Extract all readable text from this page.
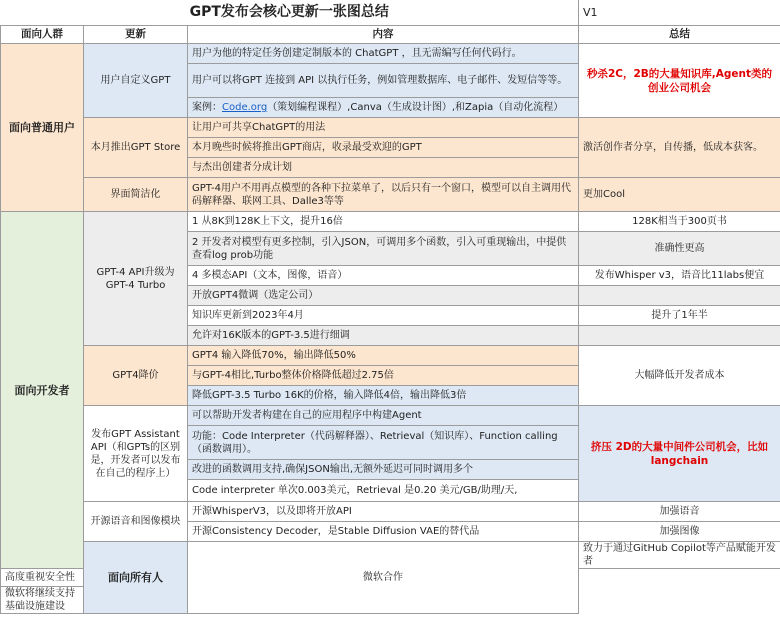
GPT发布会核心更新一张图总结			V1	
面向人群	更新	内容	总结	
面向普通用户	用户自定义GPT	用户为他的特定任务创建定制版本的 ChatGPT ，且无需编写任何代码行。	秒杀2C，2B的大量知识库,Agent类的创业公司机会	
		用户可以将GPT 连接到 API 以执行任务，例如管理数据库、电子邮件、发短信等等。		
		案例：Code.org（策划编程课程）,Canva（生成设计图）,和Zapia（自动化流程）		
	本月推出GPT Store	让用户可共享ChatGPT的用法	激活创作者分享，自传播，低成本获客。	
		本月晚些时候将推出GPT商店，收录最受欢迎的GPT		
		与杰出创建者分成计划		
	界面简洁化	GPT-4用户不用再点模型的各种下拉菜单了，以后只有一个窗口，模型可以自主调用代码解释器、联网工具、Dalle3等等	更加Cool	
面向开发者	GPT-4 API升级为GPT-4 Turbo	1 从8K到128K上下文，提升16倍	128K相当于300页书	
		2 开发者对模型有更多控制，引入JSON，可调用多个函数，引入可重现输出，中提供查看log prob功能	准确性更高	
		4 多模态API（文本，图像，语音）	发布Whisper v3，语音比11labs便宜	
		开放GPT4微调（选定公司）		
		知识库更新到2023年4月	提升了1年半	
		允许对16K版本的GPT-3.5进行细调		
	GPT4降价	GPT4 输入降低70%，输出降低50%	大幅降低开发者成本	
		与GPT-4相比,Turbo整体价格降低超过2.75倍		
		降低GPT-3.5 Turbo 16K的价格，输入降低4倍，输出降低3倍		
	发布GPT Assistant API（和GPTs的区别是，开发者可以发布在自己的程序上）	可以帮助开发者构建在自己的应用程序中构建Agent	挤压 2D的大量中间件公司机会，比如langchain	
		功能：Code Interpreter（代码解释器）、Retrieval（知识库）、Function calling（函数调用）。		
		改进的函数调用支持,确保JSON输出,无额外延迟可同时调用多个		
		Code interpreter 单次0.003美元，Retrieval 是0.20 美元/GB/助理/天,		
	开源语音和图像模块	开源WhisperV3，以及即将开放API	加强语音	
		开源Consistency Decoder，是Stable Diffusion VAE的替代品	加强图像	
	面向所有人	微软合作	致力于通过GitHub Copilot等产品赋能开发者	
高度重视安全性				
微软将继续支持基础设施建设				
